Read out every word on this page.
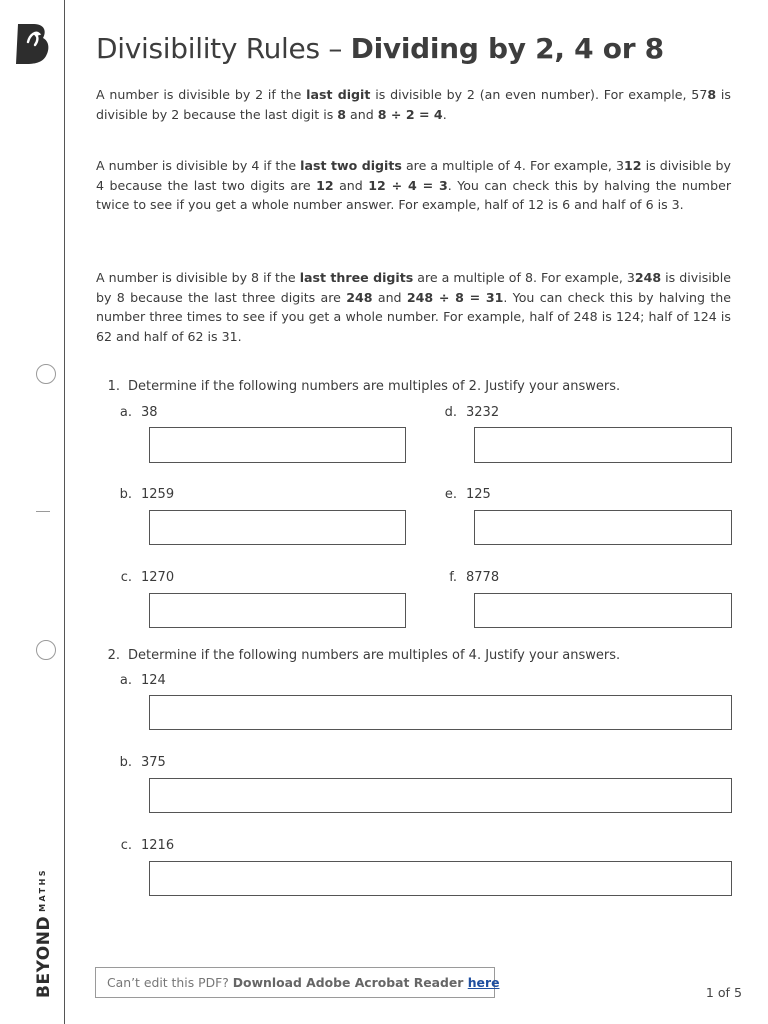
$BEYOND^{MATHS}$
Divisibility Rules – Dividing by 2, 4 or 8
A number is divisible by 2 if the last digit is divisible by 2 (an even number). For example, 578 is divisible by 2 because the last digit is 8 and 8 ÷ 2 = 4.
A number is divisible by 4 if the last two digits are a multiple of 4. For example, 312 is divisible by 4 because the last two digits are 12 and 12 ÷ 4 = 3. You can check this by halving the number twice to see if you get a whole number answer. For example, half of 12 is 6 and half of 6 is 3.
A number is divisible by 8 if the last three digits are a multiple of 8. For example, 3248 is divisible by 8 because the last three digits are 248 and 248 ÷ 8 = 31. You can check this by halving the number three times to see if you get a whole number. For example, half of 248 is 124; half of 124 is 62 and half of 62 is 31.
1. Determine if the following numbers are multiples of 2. Justify your answers.
a. 38
b. 1259
c. 1270
d. 3232
e. 125
f. 8778
2. Determine if the following numbers are multiples of 4. Justify your answers.
a. 124
b. 375
c. 1216
Can’t edit this PDF? Download Adobe Acrobat Reader here
1 of 5
